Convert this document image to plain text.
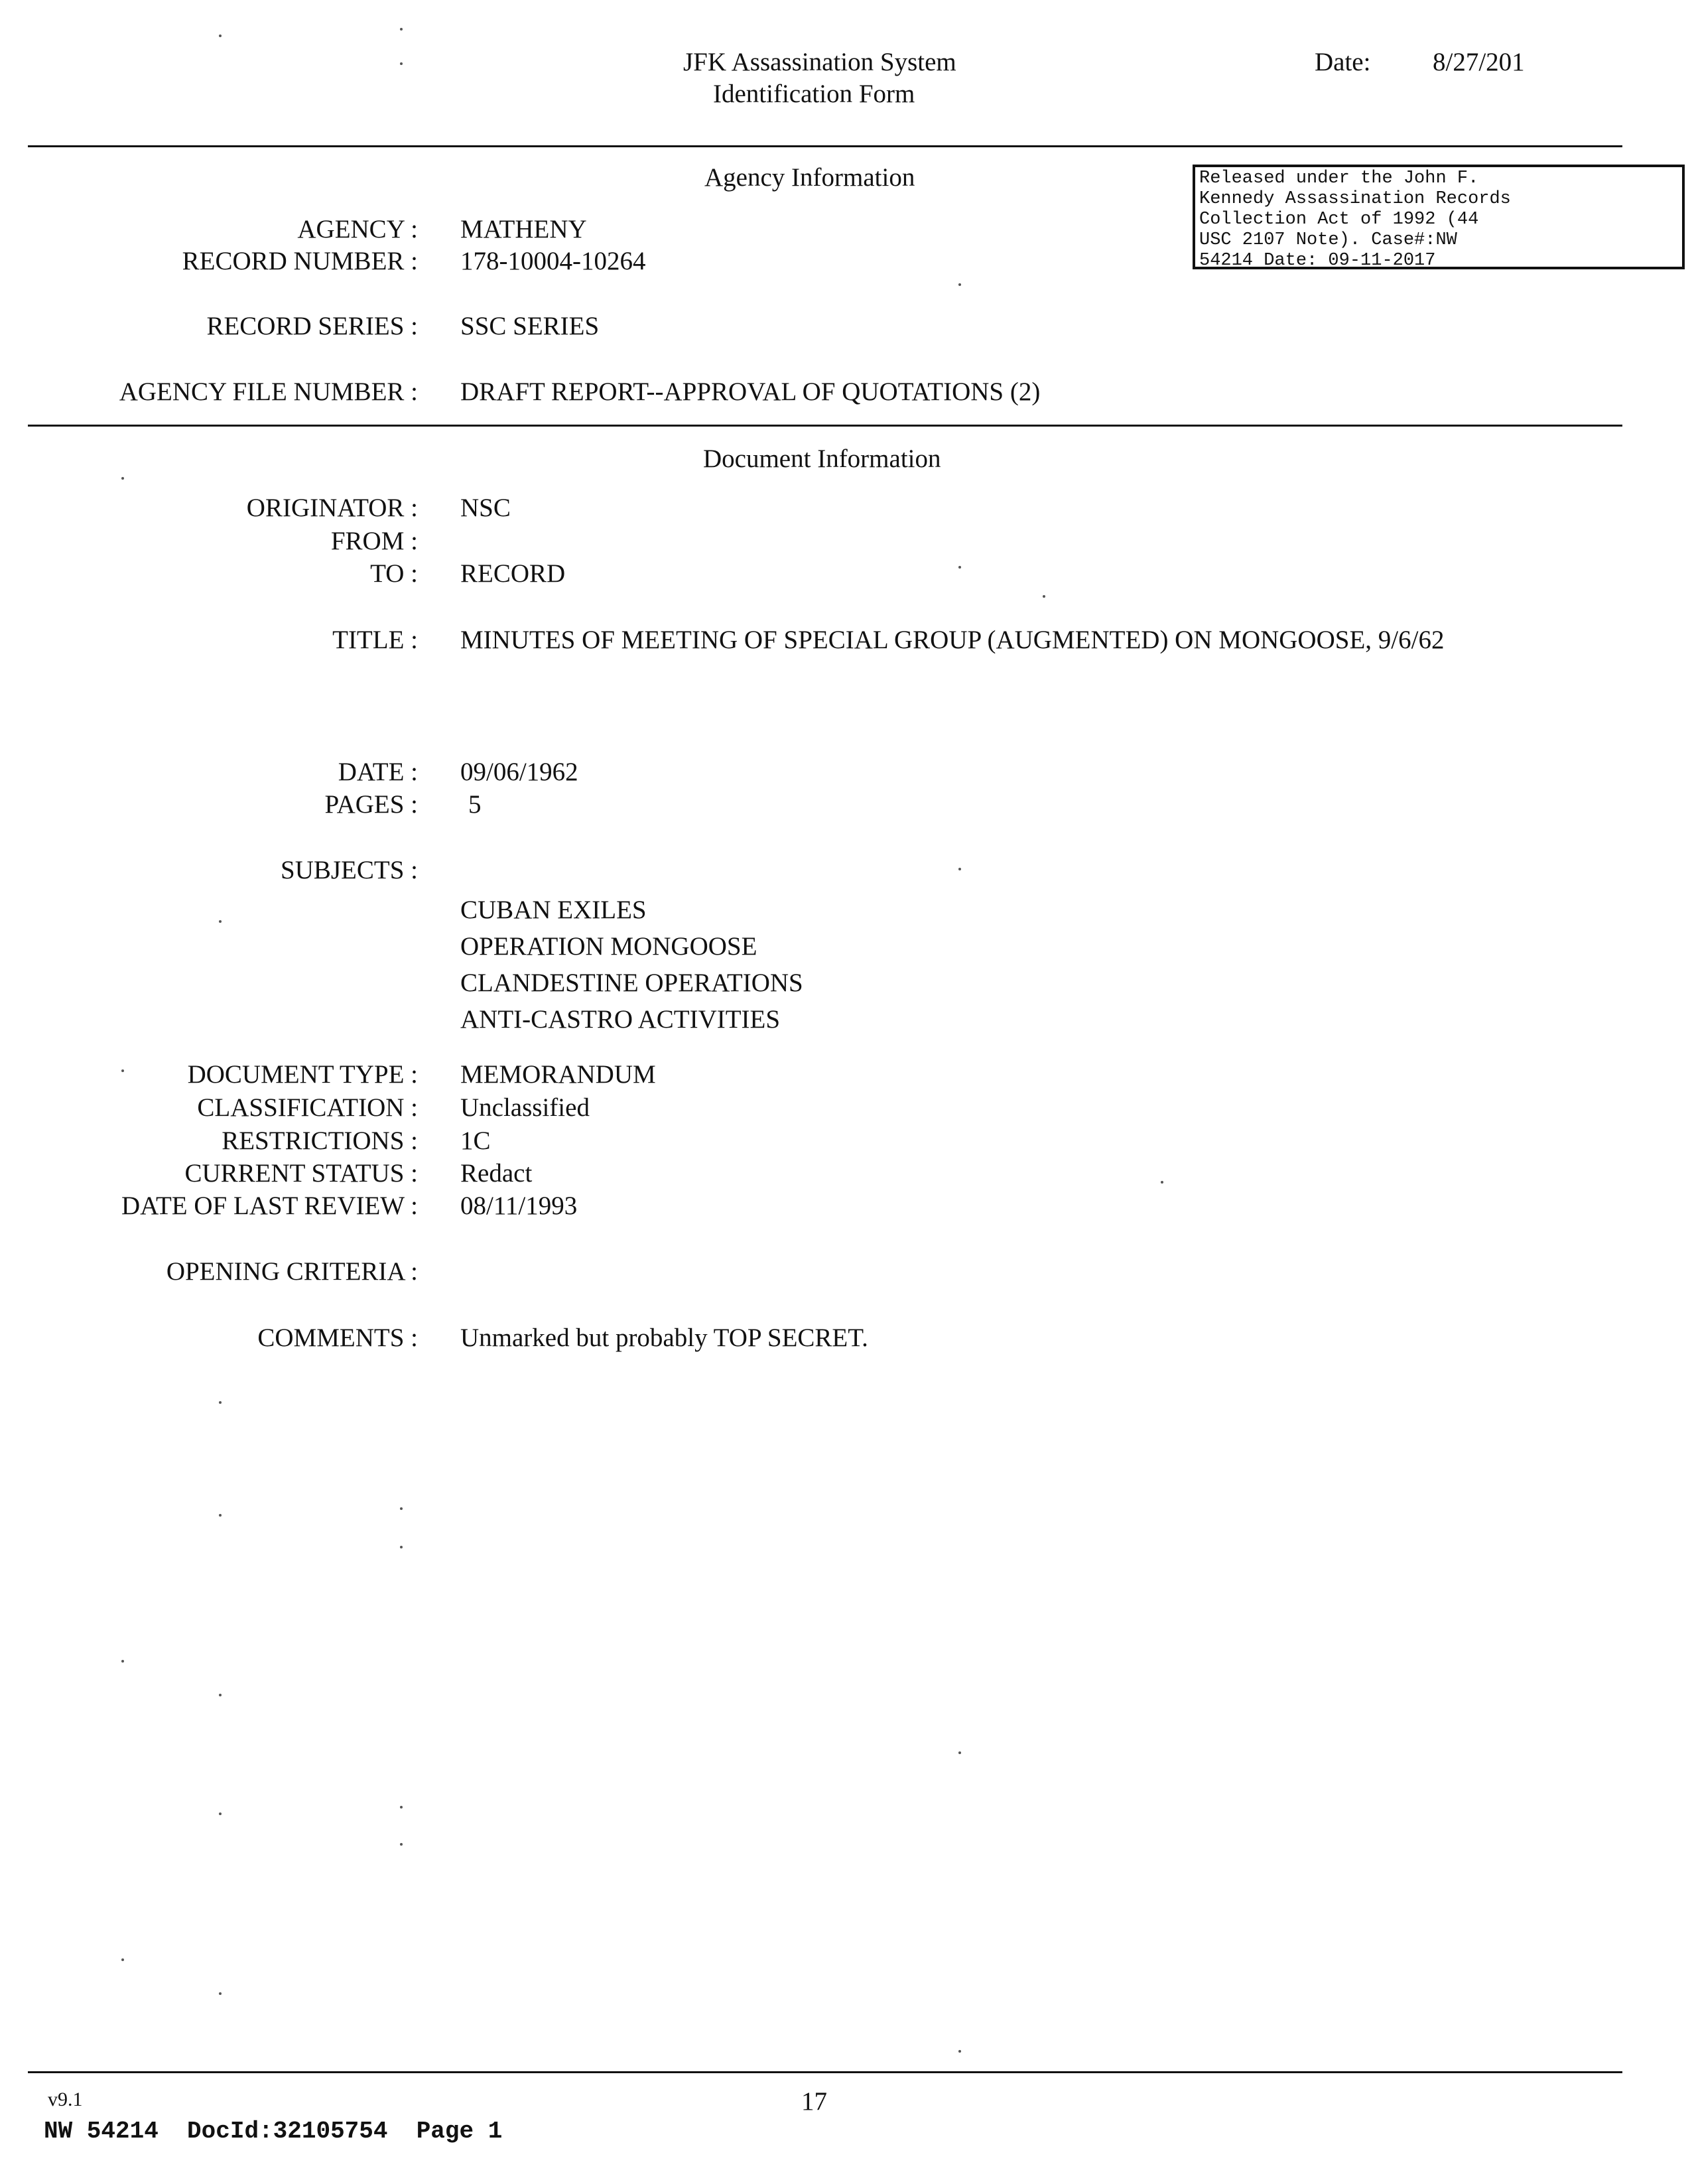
JFK Assassination System
Identification Form
Date: 8/27/201
Released under the John F.
Kennedy Assassination Records
Collection Act of 1992 (44
USC 2107 Note). Case#:NW
54214 Date: 09-11-2017
Agency Information
AGENCY : MATHENY
RECORD NUMBER : 178-10004-10264
RECORD SERIES : SSC SERIES
AGENCY FILE NUMBER : DRAFT REPORT--APPROVAL OF QUOTATIONS (2)
Document Information
ORIGINATOR : NSC
FROM :
TO : RECORD
TITLE : MINUTES OF MEETING OF SPECIAL GROUP (AUGMENTED) ON MONGOOSE, 9/6/62
DATE : 09/06/1962
PAGES : 5
SUBJECTS :
CUBAN EXILES
OPERATION MONGOOSE
CLANDESTINE OPERATIONS
ANTI-CASTRO ACTIVITIES
DOCUMENT TYPE : MEMORANDUM
CLASSIFICATION : Unclassified
RESTRICTIONS : 1C
CURRENT STATUS : Redact
DATE OF LAST REVIEW : 08/11/1993
OPENING CRITERIA :
COMMENTS : Unmarked but probably TOP SECRET.
v9.1	17
NW 54214  DocId:32105754  Page 1
